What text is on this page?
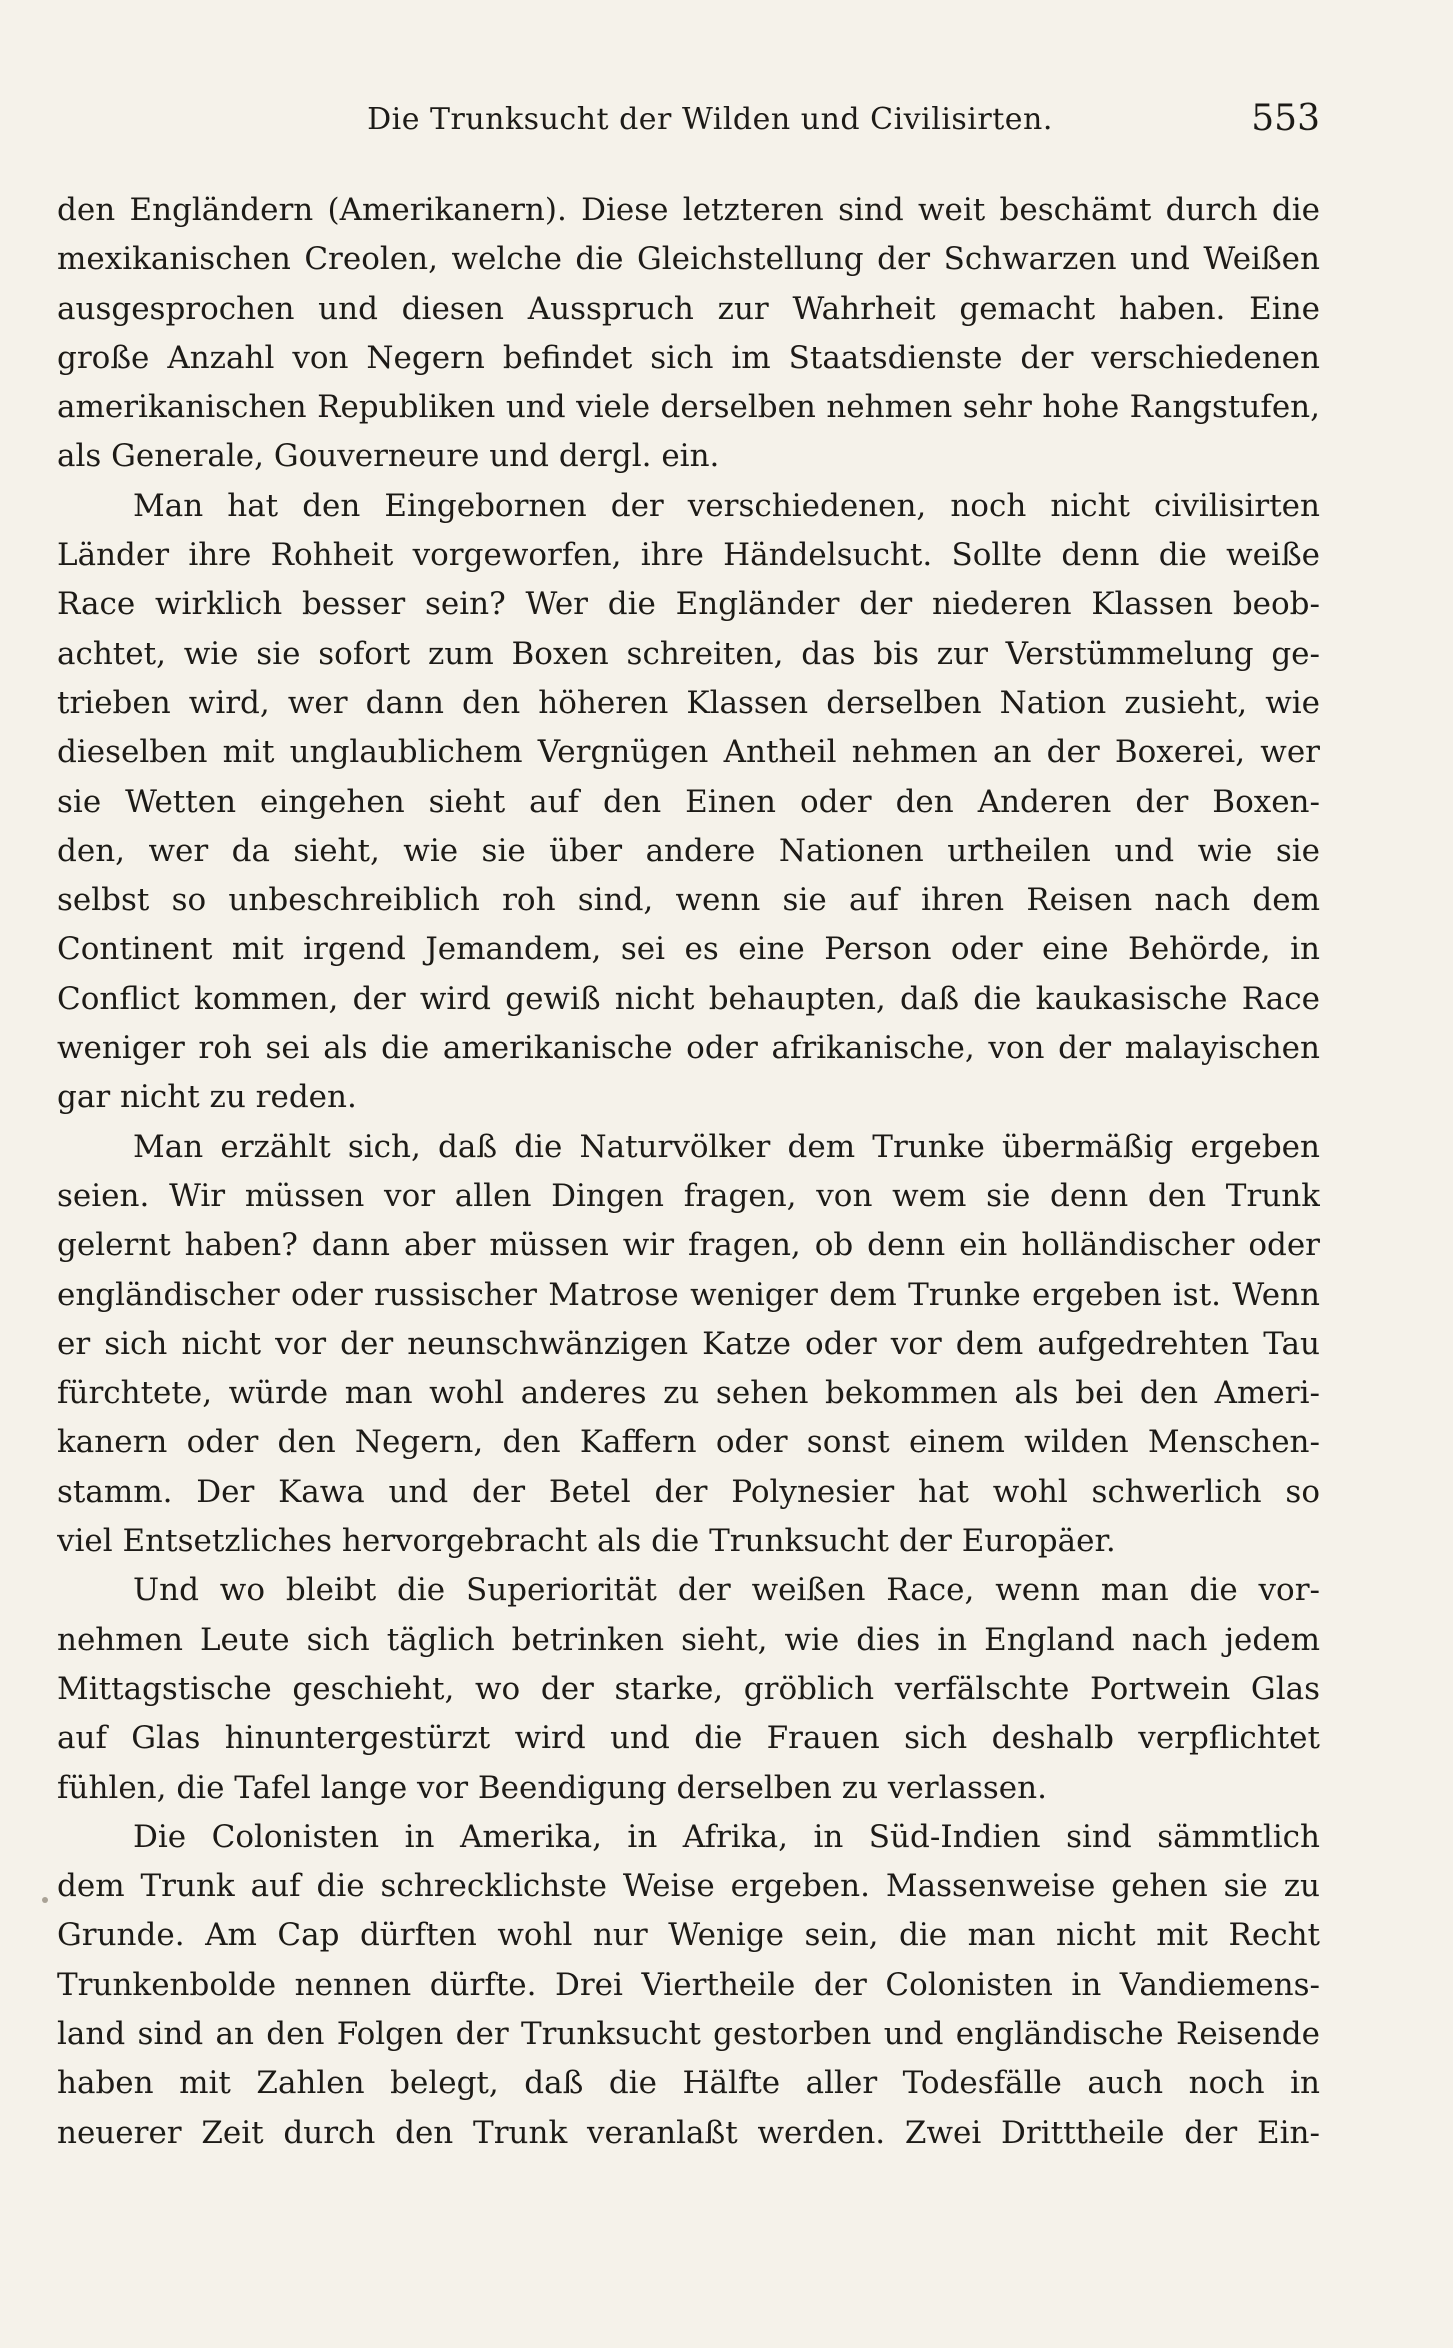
Die Trunksucht der Wilden und Civilisirten.	553
den Engländern (Amerikanern). Diese letzteren sind weit beschämt durch die
mexikanischen Creolen, welche die Gleichstellung der Schwarzen und Weißen
ausgesprochen und diesen Ausspruch zur Wahrheit gemacht haben. Eine
große Anzahl von Negern befindet sich im Staatsdienste der verschiedenen
amerikanischen Republiken und viele derselben nehmen sehr hohe Rangstufen,
als Generale, Gouverneure und dergl. ein.
Man hat den Eingebornen der verschiedenen, noch nicht civilisirten
Länder ihre Rohheit vorgeworfen, ihre Händelsucht. Sollte denn die weiße
Race wirklich besser sein? Wer die Engländer der niederen Klassen beob-
achtet, wie sie sofort zum Boxen schreiten, das bis zur Verstümmelung ge-
trieben wird, wer dann den höheren Klassen derselben Nation zusieht, wie
dieselben mit unglaublichem Vergnügen Antheil nehmen an der Boxerei, wer
sie Wetten eingehen sieht auf den Einen oder den Anderen der Boxen-
den, wer da sieht, wie sie über andere Nationen urtheilen und wie sie
selbst so unbeschreiblich roh sind, wenn sie auf ihren Reisen nach dem
Continent mit irgend Jemandem, sei es eine Person oder eine Behörde, in
Conflict kommen, der wird gewiß nicht behaupten, daß die kaukasische Race
weniger roh sei als die amerikanische oder afrikanische, von der malayischen
gar nicht zu reden.
Man erzählt sich, daß die Naturvölker dem Trunke übermäßig ergeben
seien. Wir müssen vor allen Dingen fragen, von wem sie denn den Trunk
gelernt haben? dann aber müssen wir fragen, ob denn ein holländischer oder
engländischer oder russischer Matrose weniger dem Trunke ergeben ist. Wenn
er sich nicht vor der neunschwänzigen Katze oder vor dem aufgedrehten Tau
fürchtete, würde man wohl anderes zu sehen bekommen als bei den Ameri-
kanern oder den Negern, den Kaffern oder sonst einem wilden Menschen-
stamm. Der Kawa und der Betel der Polynesier hat wohl schwerlich so
viel Entsetzliches hervorgebracht als die Trunksucht der Europäer.
Und wo bleibt die Superiorität der weißen Race, wenn man die vor-
nehmen Leute sich täglich betrinken sieht, wie dies in England nach jedem
Mittagstische geschieht, wo der starke, gröblich verfälschte Portwein Glas
auf Glas hinuntergestürzt wird und die Frauen sich deshalb verpflichtet
fühlen, die Tafel lange vor Beendigung derselben zu verlassen.
Die Colonisten in Amerika, in Afrika, in Süd-Indien sind sämmtlich
dem Trunk auf die schrecklichste Weise ergeben. Massenweise gehen sie zu
Grunde. Am Cap dürften wohl nur Wenige sein, die man nicht mit Recht
Trunkenbolde nennen dürfte. Drei Viertheile der Colonisten in Vandiemens-
land sind an den Folgen der Trunksucht gestorben und engländische Reisende
haben mit Zahlen belegt, daß die Hälfte aller Todesfälle auch noch in
neuerer Zeit durch den Trunk veranlaßt werden. Zwei Dritttheile der Ein-
